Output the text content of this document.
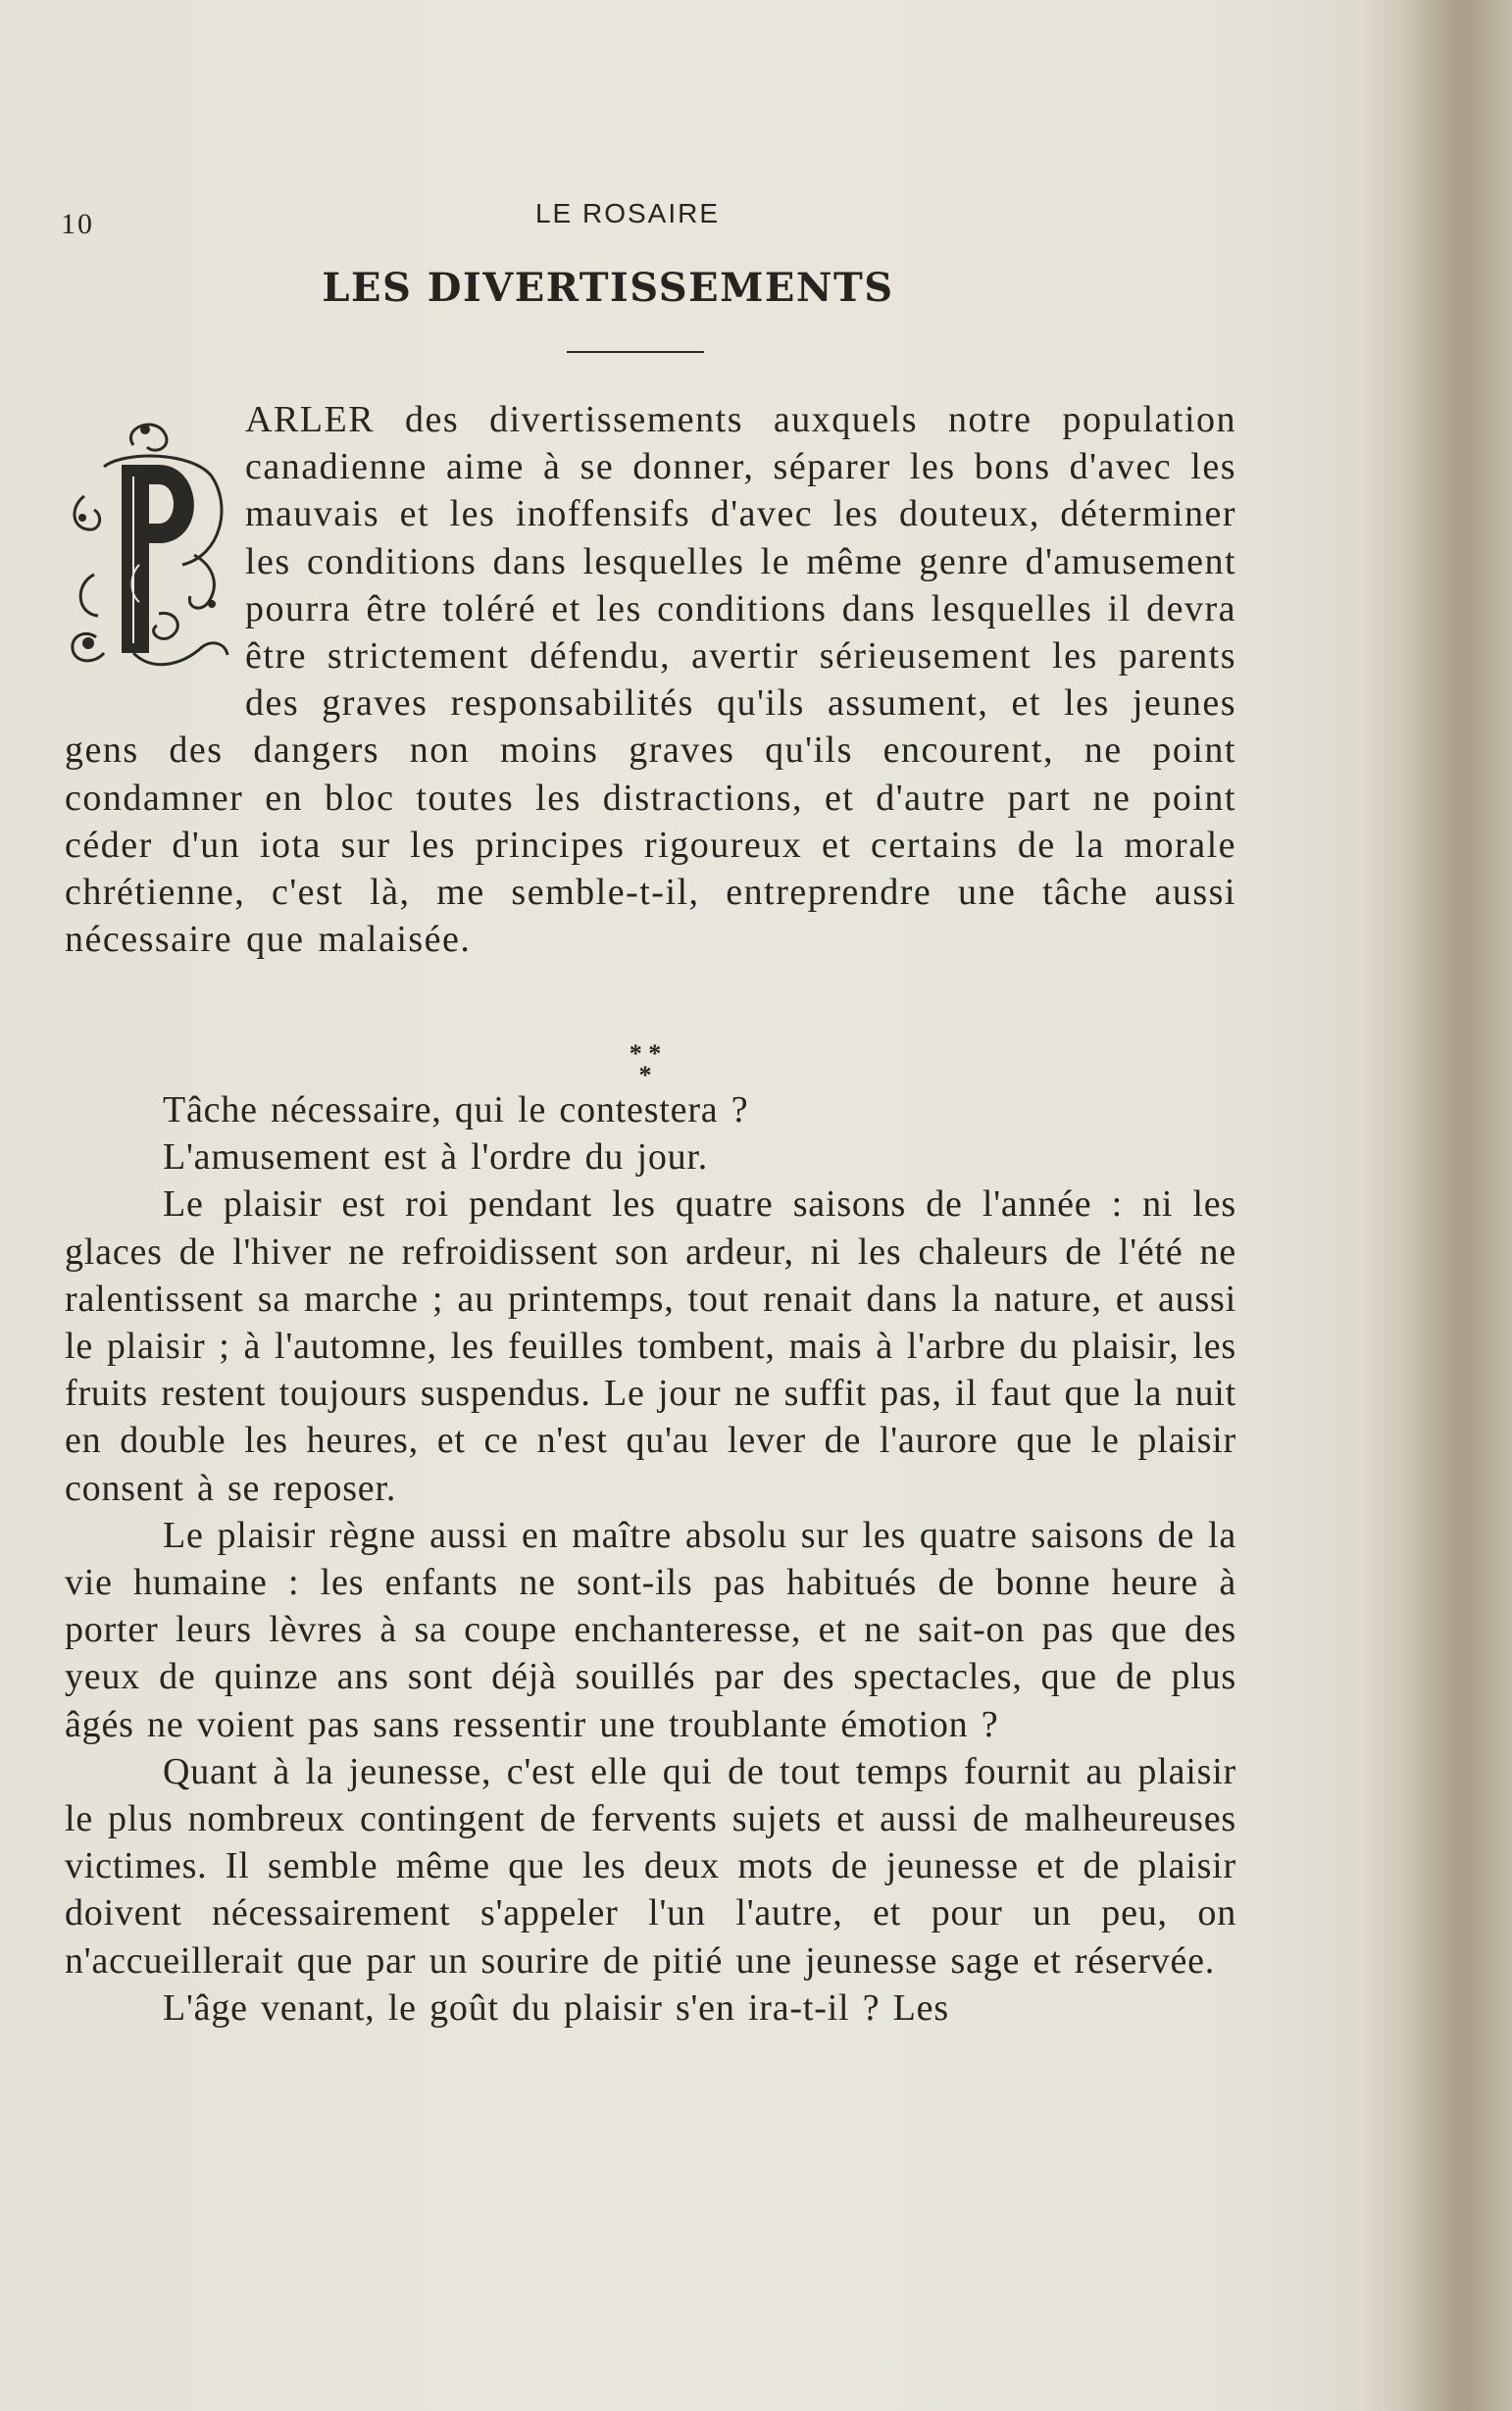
10	LE ROSAIRE
LES DIVERTISSEMENTS

ARLER des divertissements auxquels notre population canadienne aime à se donner, séparer les bons d'avec les mauvais et les inoffensifs d'avec les douteux, déterminer les conditions dans lesquelles le même genre d'amusement pourra être toléré et les conditions dans lesquelles il devra être strictement défendu, avertir sérieusement les parents des graves responsabilités qu'ils assument, et les jeunes gens des dangers non moins graves qu'ils encourent, ne point condamner en bloc toutes les distractions, et d'autre part ne point céder d'un iota sur les principes rigoureux et certains de la morale chrétienne, c'est là, me semble-t-il, entreprendre une tâche aussi nécessaire que malaisée.

* *
*

Tâche nécessaire, qui le contestera ?

L'amusement est à l'ordre du jour.

Le plaisir est roi pendant les quatre saisons de l'année : ni les glaces de l'hiver ne refroidissent son ardeur, ni les chaleurs de l'été ne ralentissent sa marche ; au printemps, tout renait dans la nature, et aussi le plaisir ; à l'automne, les feuilles tombent, mais à l'arbre du plaisir, les fruits restent toujours suspendus. Le jour ne suffit pas, il faut que la nuit en double les heures, et ce n'est qu'au lever de l'aurore que le plaisir consent à se reposer.

Le plaisir règne aussi en maître absolu sur les quatre saisons de la vie humaine : les enfants ne sont-ils pas habitués de bonne heure à porter leurs lèvres à sa coupe enchanteresse, et ne sait-on pas que des yeux de quinze ans sont déjà souillés par des spectacles, que de plus âgés ne voient pas sans ressentir une troublante émotion ?

Quant à la jeunesse, c'est elle qui de tout temps fournit au plaisir le plus nombreux contingent de fervents sujets et aussi de malheureuses victimes. Il semble même que les deux mots de jeunesse et de plaisir doivent nécessairement s'appeler l'un l'autre, et pour un peu, on n'accueillerait que par un sourire de pitié une jeunesse sage et réservée.

L'âge venant, le goût du plaisir s'en ira-t-il ? Les
